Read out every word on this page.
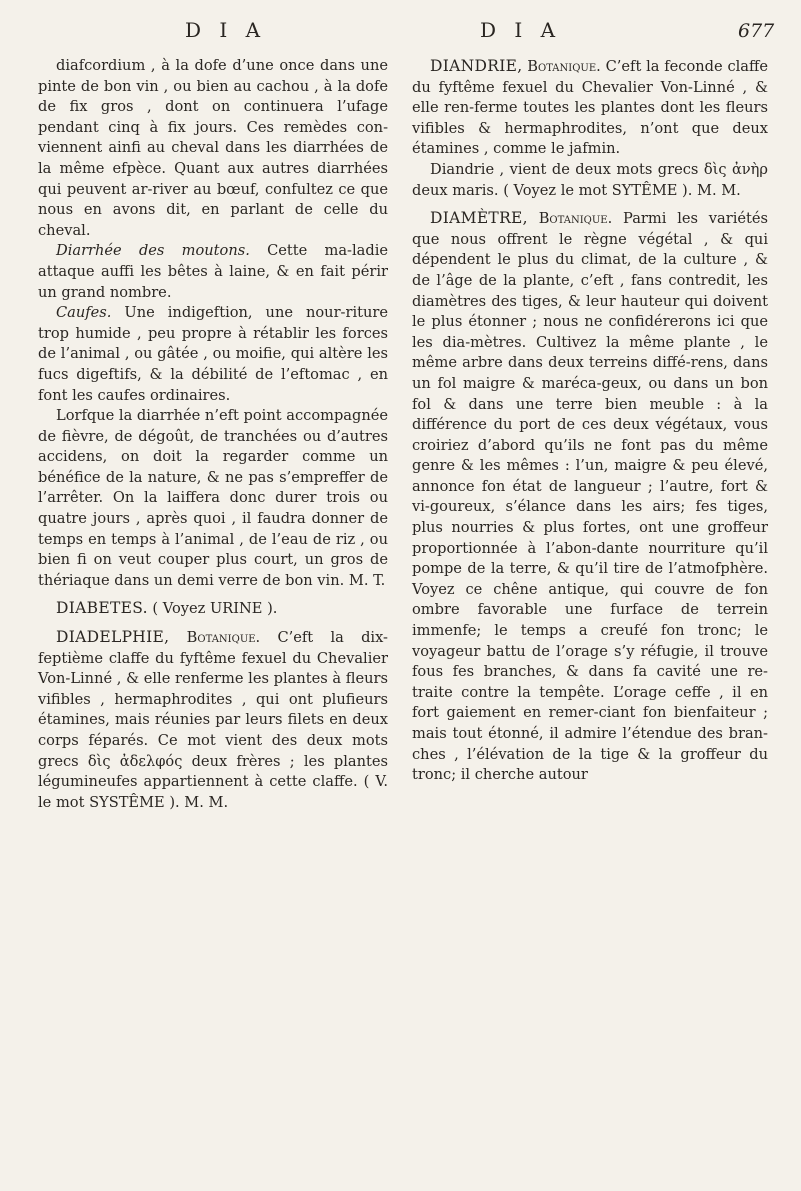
D I A	D I A	677

diafcordium , à la dofe d’une once dans une pinte de bon vin , ou bien au cachou , à la dofe de fix gros , dont on continuera l’ufage pendant cinq à fix jours. Ces remèdes con-viennent ainfi au cheval dans les diarrhées de la même efpèce. Quant aux autres diarrhées qui peuvent ar-river au bœuf, confultez ce que nous en avons dit, en parlant de celle du cheval.

Diarrhée des moutons. Cette ma-ladie attaque auffi les bêtes à laine, & en fait périr un grand nombre.

Caufes. Une indigeftion, une nour-riture trop humide , peu propre à rétablir les forces de l’animal , ou gâtée , ou moifie, qui altère les fucs digeftifs, & la débilité de l’eftomac , en font les caufes ordinaires.

Lorfque la diarrhée n’eft point accompagnée de fièvre, de dégoût, de tranchées ou d’autres accidens, on doit la regarder comme un bénéfice de la nature, & ne pas s’empreffer de l’arrêter. On la laiffera donc durer trois ou quatre jours , après quoi , il faudra donner de temps en temps à l’animal , de l’eau de riz , ou bien fi on veut couper plus court, un gros de thériaque dans un demi verre de bon vin. M. T.

DIABETES. ( Voyez URINE ).

DIADELPHIE, Botanique. C’eft la dix-feptième claffe du fyftême fexuel du Chevalier Von-Linné , & elle renferme les plantes à fleurs vifibles , hermaphrodites , qui ont plufieurs étamines, mais réunies par leurs filets en deux corps féparés. Ce mot vient des deux mots grecs δὶς ἀδελφός deux frères ; les plantes légumineufes appartiennent à cette claffe. ( V. le mot SYSTÊME ). M. M.

DIANDRIE, Botanique. C’eft la feconde claffe du fyftême fexuel du Chevalier Von-Linné , & elle ren-ferme toutes les plantes dont les fleurs vifibles & hermaphrodites, n’ont que deux étamines , comme le jafmin.

Diandrie , vient de deux mots grecs δὶς ἀνὴρ deux maris. ( Voyez le mot SYTÊME ). M. M.

DIAMÈTRE, Botanique. Parmi les variétés que nous offrent le règne végétal , & qui dépendent le plus du climat, de la culture , & de l’âge de la plante, c’eft , fans contredit, les diamètres des tiges, & leur hauteur qui doivent le plus étonner ; nous ne confidérerons ici que les dia-mètres. Cultivez la même plante , le même arbre dans deux terreins diffé-rens, dans un fol maigre & maréca-geux, ou dans un bon fol & dans une terre bien meuble : à la différence du port de ces deux végétaux, vous croiriez d’abord qu’ils ne font pas du même genre & les mêmes : l’un, maigre & peu élevé, annonce fon état de langueur ; l’autre, fort & vi-goureux, s’élance dans les airs; fes tiges, plus nourries & plus fortes, ont une groffeur proportionnée à l’abon-dante nourriture qu’il pompe de la terre, & qu’il tire de l’atmofphère. Voyez ce chêne antique, qui couvre de fon ombre favorable une furface de terrein immenfe; le temps a creufé fon tronc; le voyageur battu de l’orage s’y réfugie, il trouve fous fes branches, & dans fa cavité une re-traite contre la tempête. L’orage ceffe , il en fort gaiement en remer-ciant fon bienfaiteur ; mais tout étonné, il admire l’étendue des bran-ches , l’élévation de la tige & la groffeur du tronc; il cherche autour
